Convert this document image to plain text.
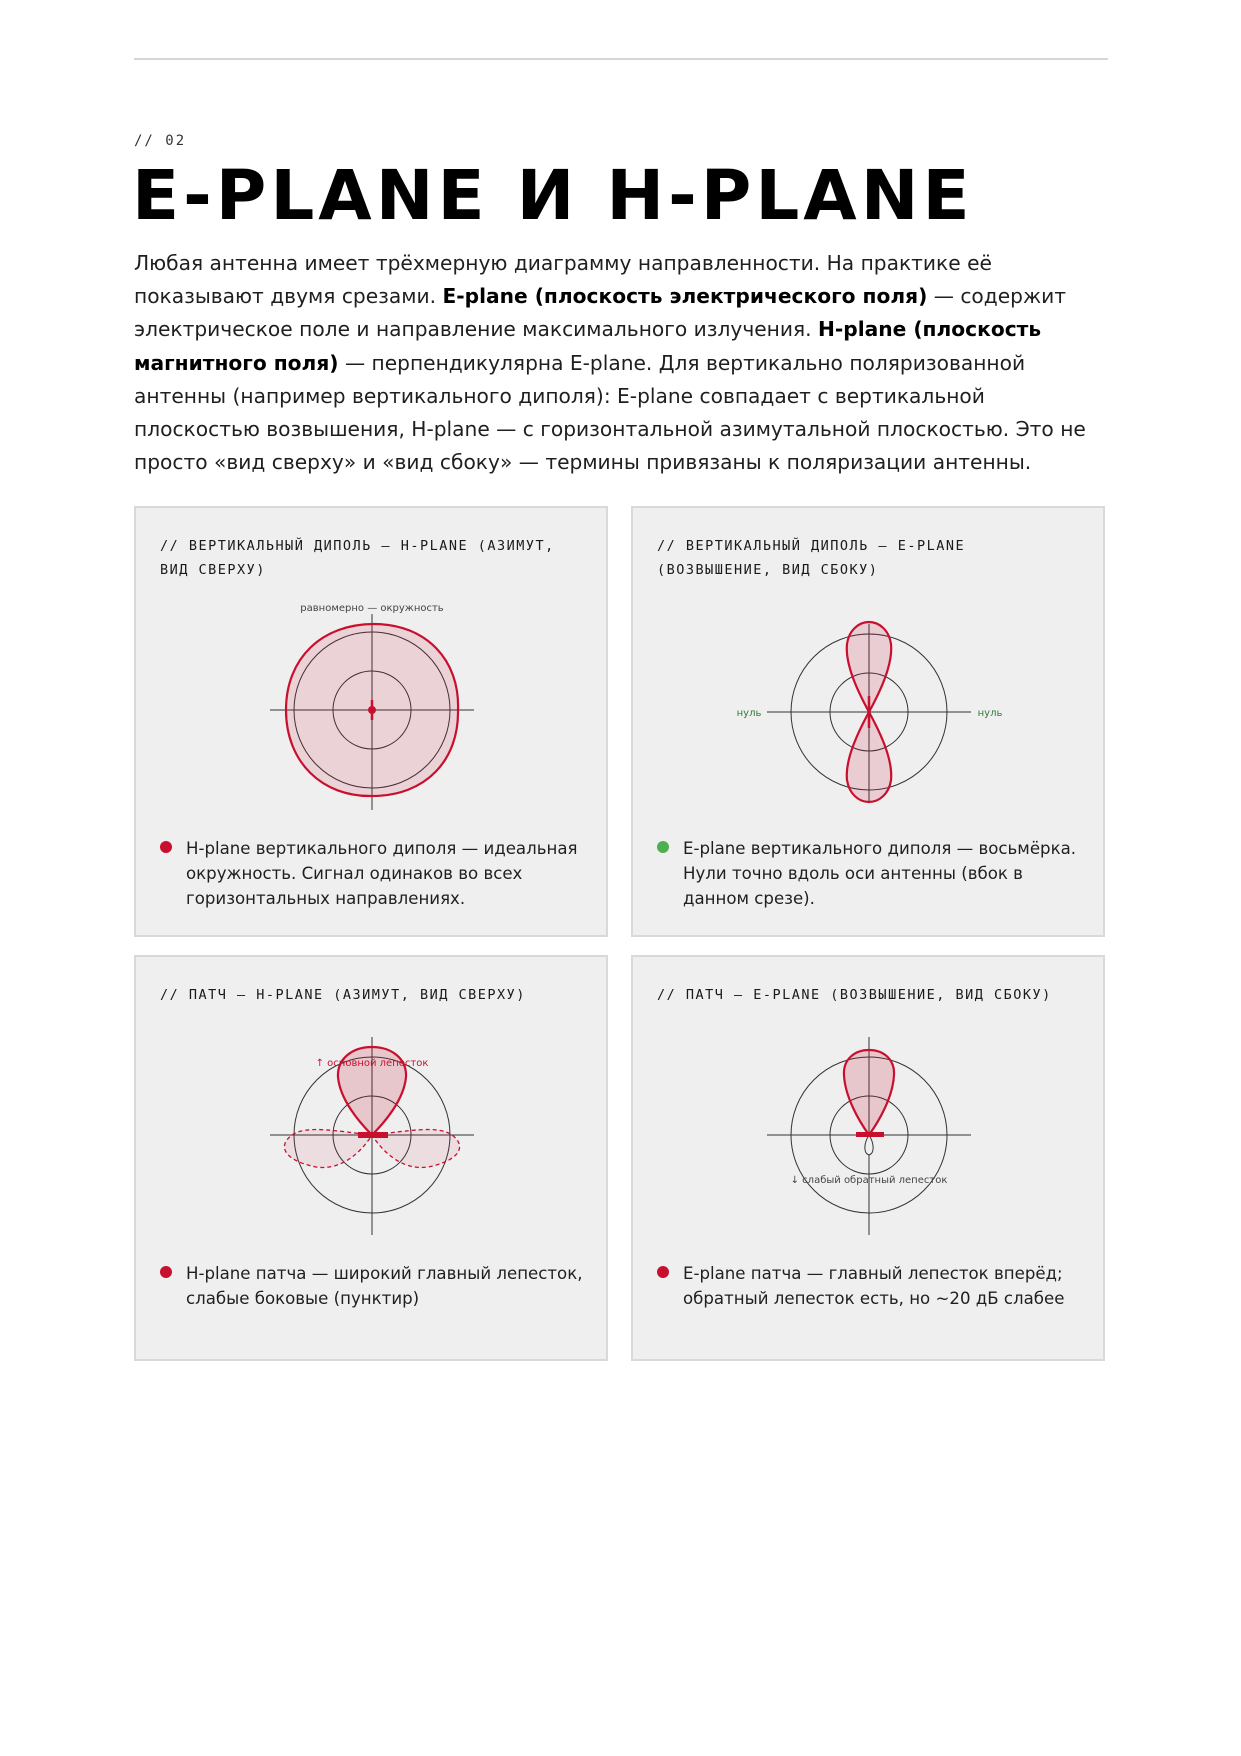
// 02
E-PLANE И H-PLANE

Любая антенна имеет трёхмерную диаграмму направленности. На практике её показывают двумя срезами. E-plane (плоскость электрического поля) — содержит электрическое поле и направление максимального излучения. H-plane (плоскость магнитного поля) — перпендикулярна E-plane. Для вертикально поляризованной антенны (например вертикального диполя): E-plane совпадает с вертикальной плоскостью возвышения, H-plane — с горизонтальной азимутальной плоскостью. Это не просто «вид сверху» и «вид сбоку» — термины привязаны к поляризации антенны.

// ВЕРТИКАЛЬНЫЙ ДИПОЛЬ — H-PLANE (АЗИМУТ,
ВИД СВЕРХУ)
равномерно — окружность
H-plane вертикального диполя — идеальная окружность. Сигнал одинаков во всех горизонтальных направлениях.
// ВЕРТИКАЛЬНЫЙ ДИПОЛЬ — E-PLANE
(ВОЗВЫШЕНИЕ, ВИД СБОКУ)
нуль	нуль
E-plane вертикального диполя — восьмёрка. Нули точно вдоль оси антенны (вбок в данном срезе).
// ПАТЧ — H-PLANE (АЗИМУТ, ВИД СВЕРХУ)
↑ основной лепесток
H-plane патча — широкий главный лепесток, слабые боковые (пунктир)
// ПАТЧ — E-PLANE (ВОЗВЫШЕНИЕ, ВИД СБОКУ)
↓ слабый обратный лепесток
E-plane патча — главный лепесток вперёд; обратный лепесток есть, но ~20 дБ слабее
